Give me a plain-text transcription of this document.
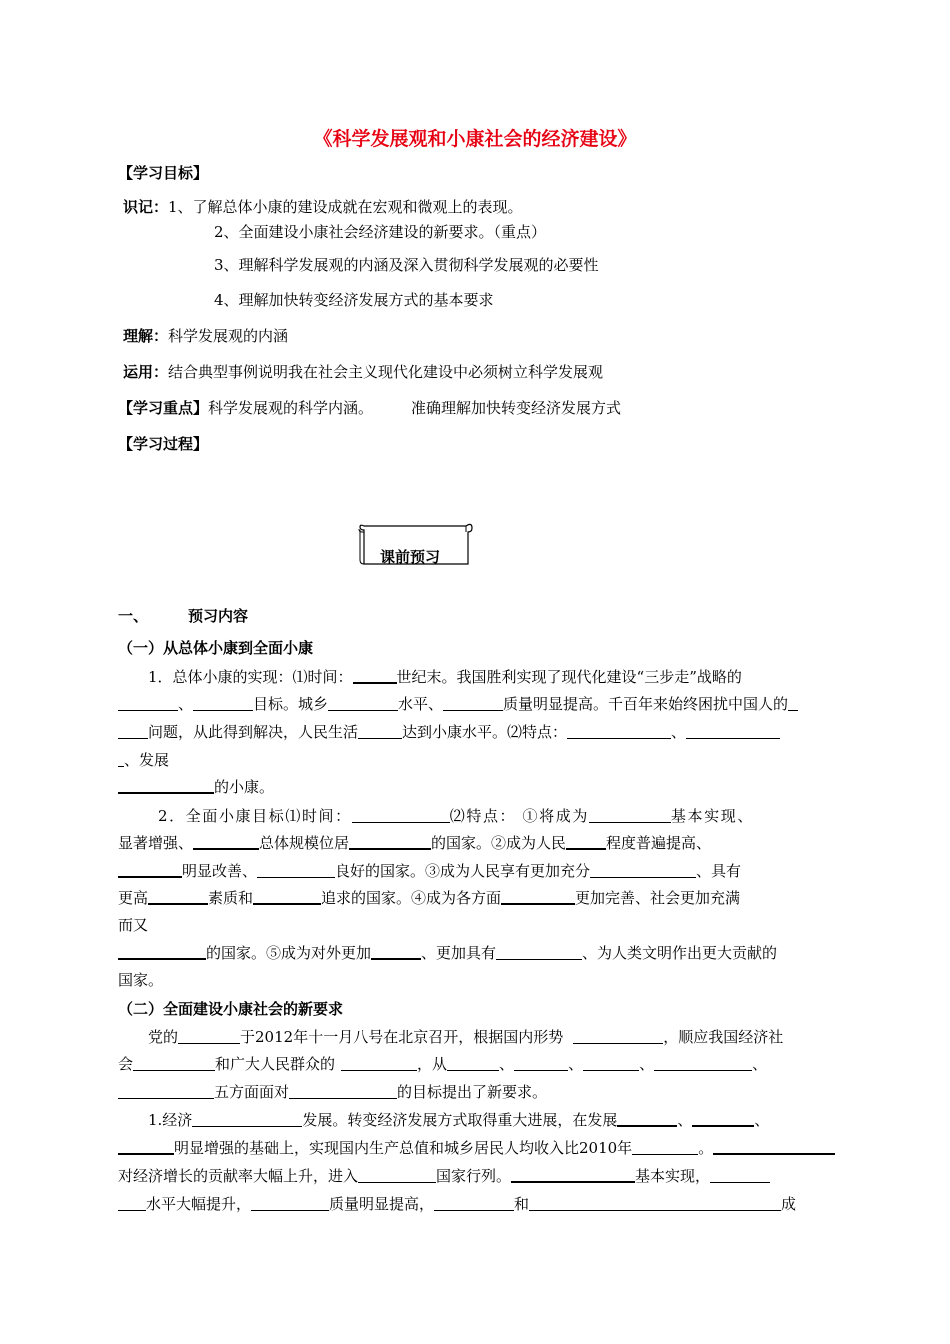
《科学发展观和小康社会的经济建设》
【学习目标】
识记：1、了解总体小康的建设成就在宏观和微观上的表现。
2、全面建设小康社会经济建设的新要求。（重点）
3、理解科学发展观的内涵及深入贯彻科学发展观的必要性
4、理解加快转变经济发展方式的基本要求
理解：科学发展观的内涵
运用：结合典型事例说明我在社会主义现代化建设中必须树立科学发展观
【学习重点】科学发展观的科学内涵。	准确理解加快转变经济发展方式
【学习过程】
课前预习
一、	预习内容
（一）从总体小康到全面小康
1．总体小康的实现：⑴时间：	世纪末。我国胜利实现了现代化建设“三步走”战略的
、	目标。城乡	水平、	质量明显提高。千百年来始终困扰中国人的
问题，从此得到解决，人民生活	达到小康水平。⑵特点：	、
、发展
的小康。
2．全面小康目标⑴时间：	⑵特点： ①将成为	基本实现、
显著增强、	总体规模位居	的国家。②成为人民	程度普遍提高、
明显改善、	良好的国家。③成为人民享有更加充分	、具有
更高	素质和	追求的国家。④成为各方面	更加完善、社会更加充满
而又
的国家。⑤成为对外更加	、更加具有	、为人类文明作出更大贡献的
国家。
（二）全面建设小康社会的新要求
党的	于2012年十一月八号在北京召开，根据国内形势	，顺应我国经济社
会	和广大人民群众的	，从	、	、	、	、
五方面面对	的目标提出了新要求。
1.经济	发展。转变经济发展方式取得重大进展，在发展	、	、
明显增强的基础上，实现国内生产总值和城乡居民人均收入比2010年	。
对经济增长的贡献率大幅上升，进入	国家行列。	基本实现，
水平大幅提升，	质量明显提高，	和	成
